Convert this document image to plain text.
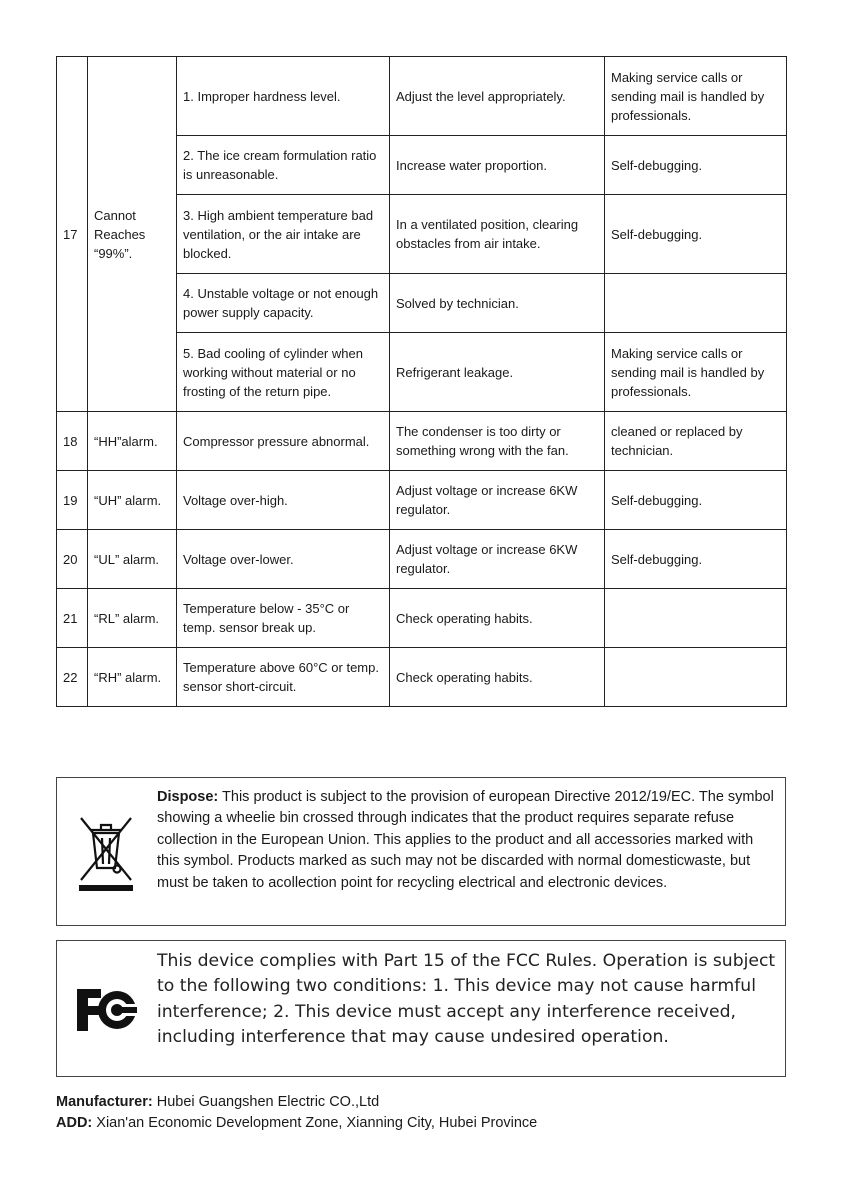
17	Cannot
Reaches
“99%”.	1. Improper hardness level.	Adjust the level appropriately.	Making service calls or sending mail is handled by professionals.
		2. The ice cream formulation ratio is unreasonable.	Increase water proportion.	Self-debugging.
		3. High ambient temperature bad ventilation, or the air intake are blocked.	In a ventilated position, clearing obstacles from air intake.	Self-debugging.
		4. Unstable voltage or not enough power supply capacity.	Solved by technician.	
		5. Bad cooling of cylinder when working without material or no frosting of the return pipe.	Refrigerant leakage.	Making service calls or sending mail is handled by professionals.
18	“HH”alarm.	Compressor pressure abnormal.	The condenser is too dirty or something wrong with the fan.	cleaned or replaced by technician.
19	“UH” alarm.	Voltage over-high.	Adjust voltage or increase 6KW regulator.	Self-debugging.
20	“UL” alarm.	Voltage over-lower.	Adjust voltage or increase 6KW regulator.	Self-debugging.
21	“RL” alarm.	Temperature below - 35°C or temp. sensor break up.	Check operating habits.	
22	“RH” alarm.	Temperature above 60°C or temp. sensor short-circuit.	Check operating habits.	
Dispose: This product is subject to the provision of european Directive 2012/19/EC. The symbol showing a wheelie bin crossed through indicates that the product requires separate refuse collection in the European Union. This applies to the product and all accessories marked with this symbol. Products marked as such may not be discarded with normal domesticwaste, but must be taken to acollection point for recycling electrical and electronic devices.
This device complies with Part 15 of the FCC Rules. Operation is subject to the following two conditions: 1. This device may not cause harmful interference; 2. This device must accept any interference received, including interference that may cause undesired operation.
Manufacturer: Hubei Guangshen Electric CO.,Ltd
ADD: Xian'an Economic Development Zone, Xianning City, Hubei Province
